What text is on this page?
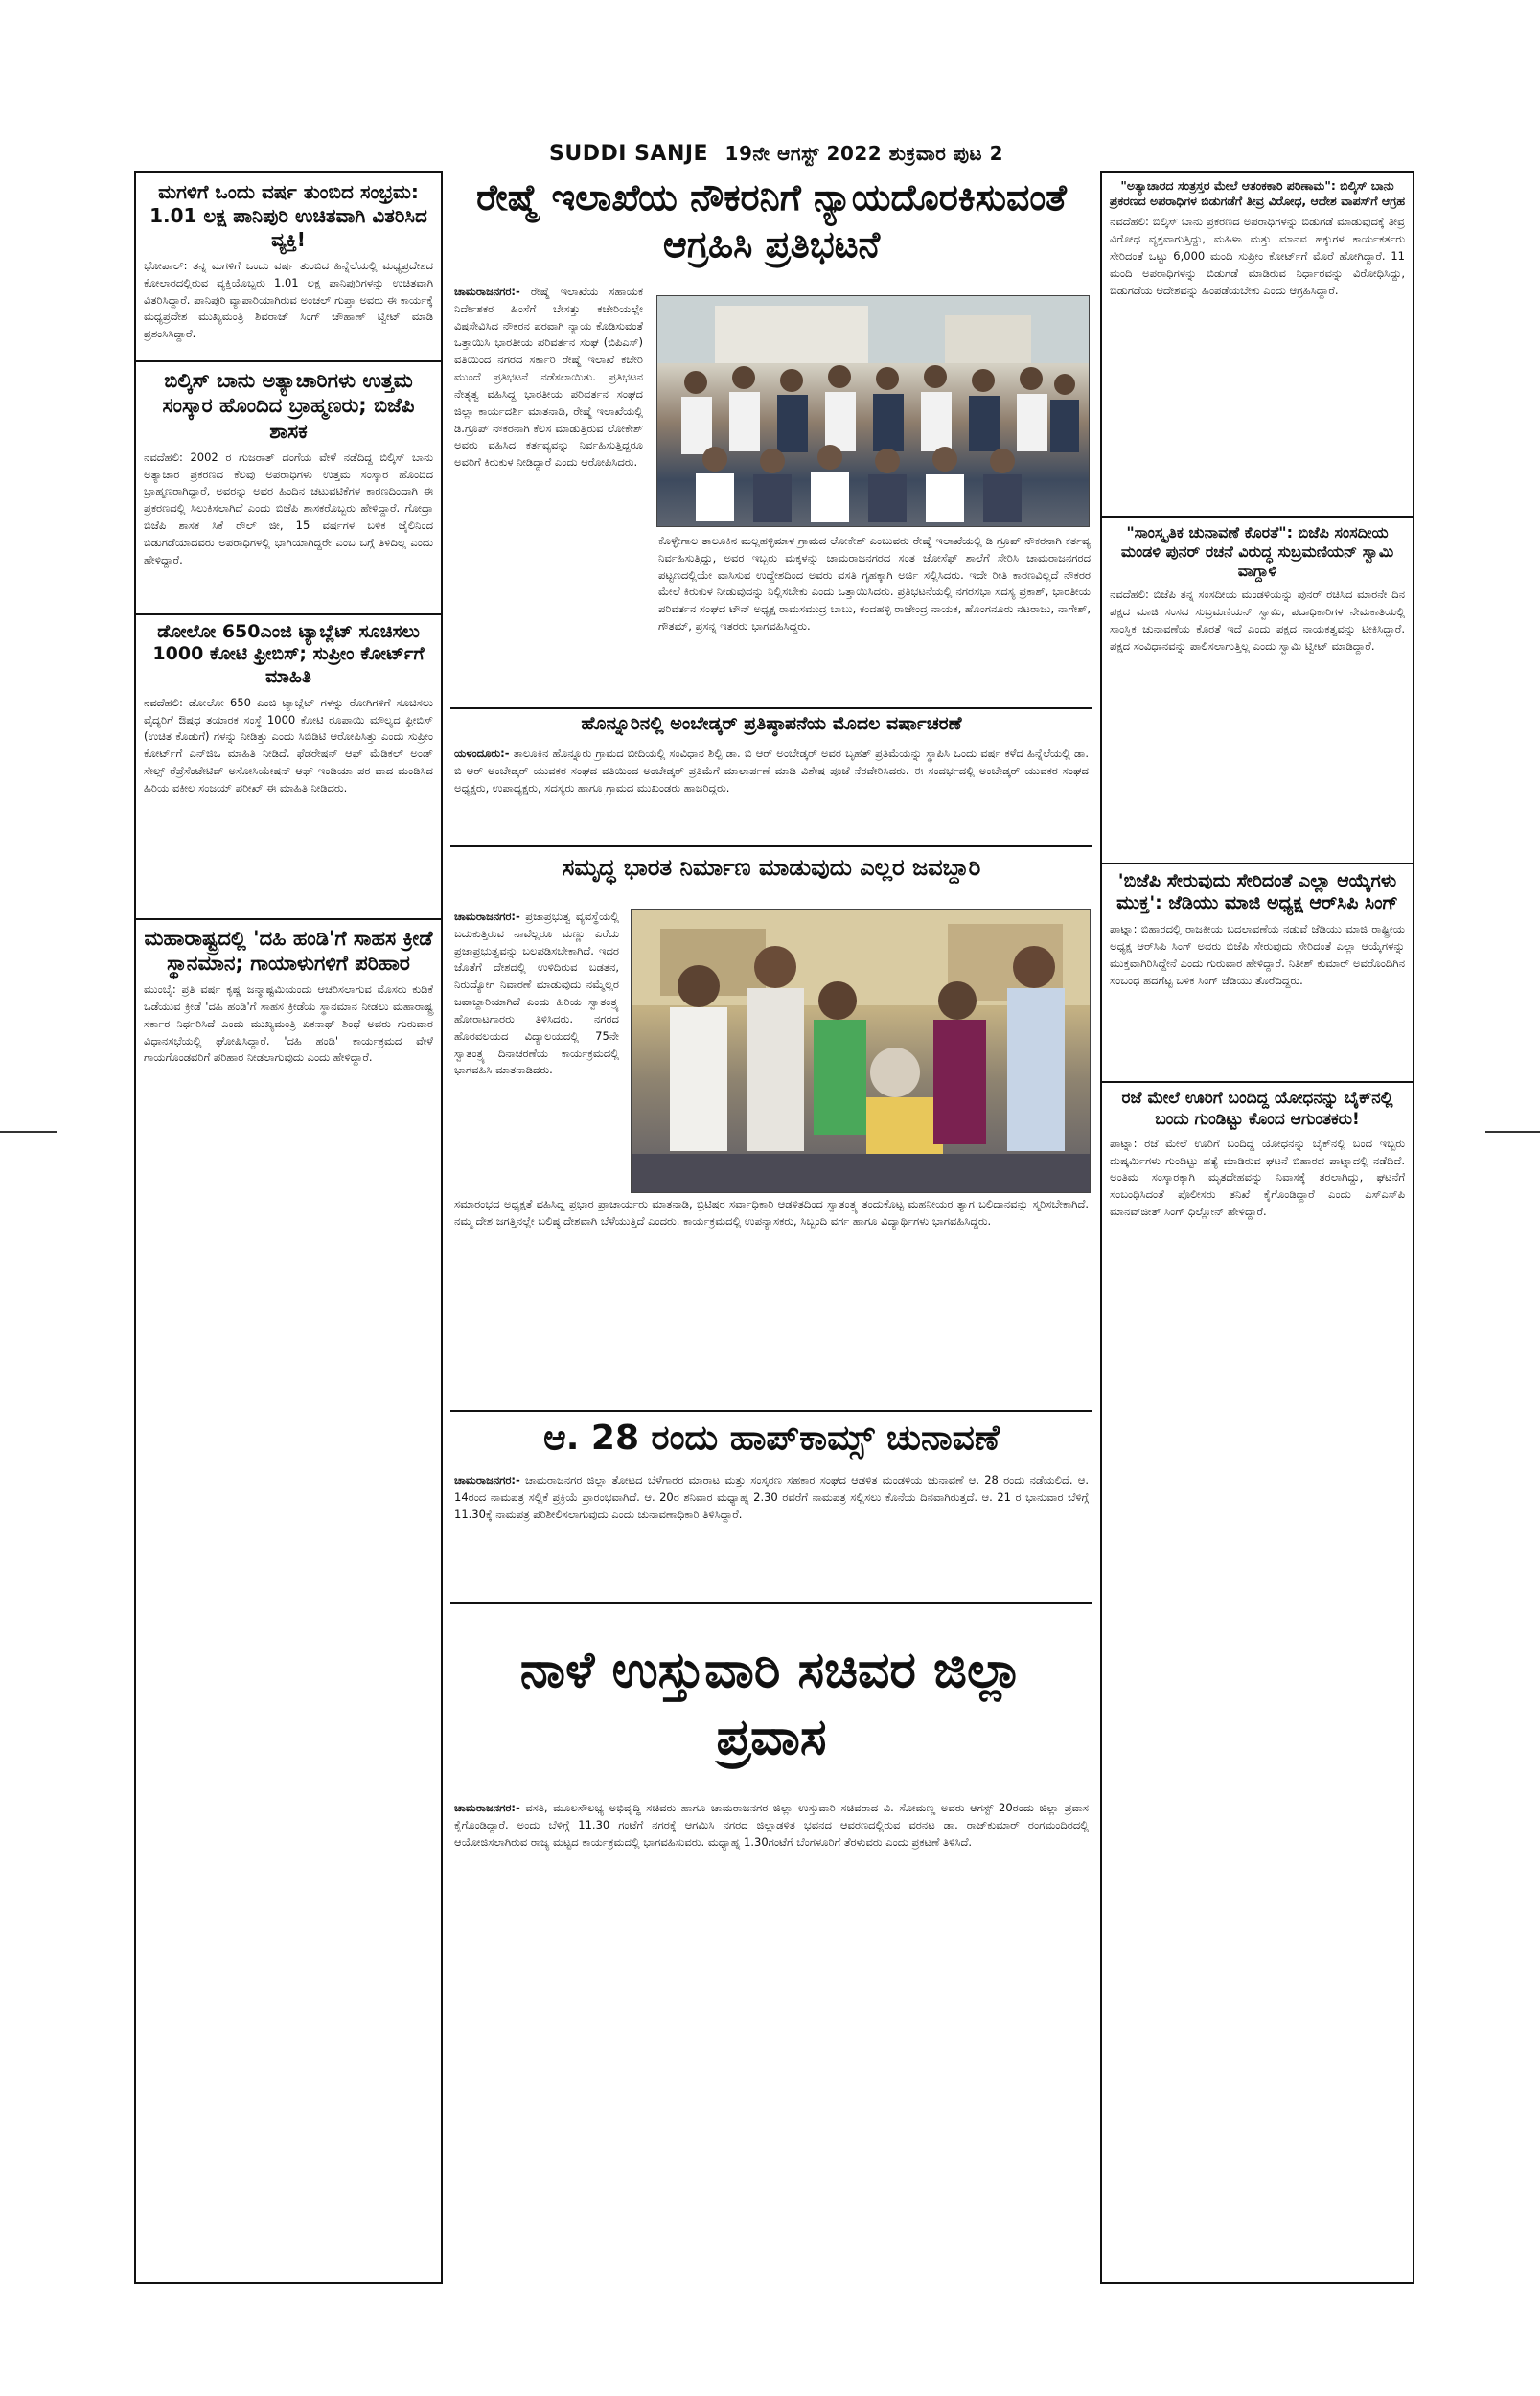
SUDDI SANJE 19ನೇ ಆಗಸ್ಟ್ 2022 ಶುಕ್ರವಾರ ಪುಟ 2
ಮಗಳಿಗೆ ಒಂದು ವರ್ಷ ತುಂಬಿದ ಸಂಭ್ರಮ: 1.01 ಲಕ್ಷ ಪಾನಿಪುರಿ ಉಚಿತವಾಗಿ ವಿತರಿಸಿದ ವ್ಯಕ್ತಿ!
ಭೋಪಾಲ್: ತನ್ನ ಮಗಳಿಗೆ ಒಂದು ವರ್ಷ ತುಂಬಿದ ಹಿನ್ನೆಲೆಯಲ್ಲಿ ಮಧ್ಯಪ್ರದೇಶದ ಕೋಲಾರದಲ್ಲಿರುವ ವ್ಯಕ್ತಿಯೊಬ್ಬರು 1.01 ಲಕ್ಷ ಪಾನಿಪುರಿಗಳನ್ನು ಉಚಿತವಾಗಿ ವಿತರಿಸಿದ್ದಾರೆ. ಪಾನಿಪುರಿ ವ್ಯಾಪಾರಿಯಾಗಿರುವ ಅಂಚಲ್ ಗುಪ್ತಾ ಅವರು ಈ ಕಾರ್ಯಕ್ಕೆ ಮಧ್ಯಪ್ರದೇಶ ಮುಖ್ಯಮಂತ್ರಿ ಶಿವರಾಜ್ ಸಿಂಗ್ ಚೌಹಾಣ್ ಟ್ವೀಟ್ ಮಾಡಿ ಪ್ರಶಂಸಿಸಿದ್ದಾರೆ.
ಬಿಲ್ಕಿಸ್ ಬಾನು ಅತ್ಯಾಚಾರಿಗಳು ಉತ್ತಮ ಸಂಸ್ಕಾರ ಹೊಂದಿದ ಬ್ರಾಹ್ಮಣರು; ಬಿಜೆಪಿ ಶಾಸಕ
ನವದೆಹಲಿ: 2002 ರ ಗುಜರಾತ್ ದಂಗೆಯ ವೇಳೆ ನಡೆದಿದ್ದ ಬಿಲ್ಕಿಸ್ ಬಾನು ಅತ್ಯಾಚಾರ ಪ್ರಕರಣದ ಕೆಲವು ಅಪರಾಧಿಗಳು ಉತ್ತಮ ಸಂಸ್ಕಾರ ಹೊಂದಿದ ಬ್ರಾಹ್ಮಣರಾಗಿದ್ದಾರೆ, ಅವರನ್ನು ಅವರ ಹಿಂದಿನ ಚಟುವಟಿಕೆಗಳ ಕಾರಣದಿಂದಾಗಿ ಈ ಪ್ರಕರಣದಲ್ಲಿ ಸಿಲುಕಿಸಲಾಗಿದೆ ಎಂದು ಬಿಜೆಪಿ ಶಾಸಕರೊಬ್ಬರು ಹೇಳಿದ್ದಾರೆ. ಗೋಧ್ರಾ ಬಿಜೆಪಿ ಶಾಸಕ ಸಿಕೆ ರೌಲ್ ಜೀ, 15 ವರ್ಷಗಳ ಬಳಿಕ ಜೈಲಿನಿಂದ ಬಿಡುಗಡೆಯಾದವರು ಅಪರಾಧಿಗಳಲ್ಲಿ ಭಾಗಿಯಾಗಿದ್ದರೇ ಎಂಬ ಬಗ್ಗೆ ತಿಳಿದಿಲ್ಲ ಎಂದು ಹೇಳಿದ್ದಾರೆ.
ಡೋಲೋ 650ಎಂಜಿ ಟ್ಯಾಬ್ಲೆಟ್ ಸೂಚಿಸಲು 1000 ಕೋಟಿ ಫ್ರೀಬಿಸ್; ಸುಪ್ರೀಂ ಕೋರ್ಟ್‌ಗೆ ಮಾಹಿತಿ
ನವದೆಹಲಿ: ಡೋಲೋ 650 ಎಂಜಿ ಟ್ಯಾಬ್ಲೆಟ್ ಗಳನ್ನು ರೋಗಿಗಳಿಗೆ ಸೂಚಿಸಲು ವೈದ್ಯರಿಗೆ ಔಷಧ ತಯಾರಕ ಸಂಸ್ಥೆ 1000 ಕೋಟಿ ರೂಪಾಯಿ ಮೌಲ್ಯದ ಫ್ರೀಬಿಸ್ (ಉಚಿತ ಕೊಡುಗೆ) ಗಳನ್ನು ನೀಡಿತ್ತು ಎಂದು ಸಿಬಿಡಿಟಿ ಆರೋಪಿಸಿತ್ತು ಎಂದು ಸುಪ್ರೀಂ ಕೋರ್ಟ್‌ಗೆ ಎನ್‌ಜಿಒ ಮಾಹಿತಿ ನೀಡಿದೆ. ಫೆಡರೇಷನ್ ಆಫ್ ಮೆಡಿಕಲ್ ಅಂಡ್ ಸೇಲ್ಸ್ ರೆಪ್ರೆಸೆಂಟೇಟಿವ್ ಅಸೋಸಿಯೇಷನ್ ಆಫ್ ಇಂಡಿಯಾ ಪರ ವಾದ ಮಂಡಿಸಿದ ಹಿರಿಯ ವಕೀಲ ಸಂಜಯ್ ಪರೀಖ್ ಈ ಮಾಹಿತಿ ನೀಡಿದರು.
ಮಹಾರಾಷ್ಟ್ರದಲ್ಲಿ 'ದಹಿ ಹಂಡಿ'ಗೆ ಸಾಹಸ ಕ್ರೀಡೆ ಸ್ಥಾನಮಾನ; ಗಾಯಾಳುಗಳಿಗೆ ಪರಿಹಾರ
ಮುಂಬೈ: ಪ್ರತಿ ವರ್ಷ ಕೃಷ್ಣ ಜನ್ಮಾಷ್ಟಮಿಯಂದು ಆಚರಿಸಲಾಗುವ ಮೊಸರು ಕುಡಿಕೆ ಒಡೆಯುವ ಕ್ರೀಡೆ 'ದಹಿ ಹಂಡಿ'ಗೆ ಸಾಹಸ ಕ್ರೀಡೆಯ ಸ್ಥಾನಮಾನ ನೀಡಲು ಮಹಾರಾಷ್ಟ್ರ ಸರ್ಕಾರ ನಿರ್ಧರಿಸಿದೆ ಎಂದು ಮುಖ್ಯಮಂತ್ರಿ ಏಕನಾಥ್ ಶಿಂಧೆ ಅವರು ಗುರುವಾರ ವಿಧಾನಸಭೆಯಲ್ಲಿ ಘೋಷಿಸಿದ್ದಾರೆ. 'ದಹಿ ಹಂಡಿ' ಕಾರ್ಯಕ್ರಮದ ವೇಳೆ ಗಾಯಗೊಂಡವರಿಗೆ ಪರಿಹಾರ ನೀಡಲಾಗುವುದು ಎಂದು ಹೇಳಿದ್ದಾರೆ.
ರೇಷ್ಮೆ ಇಲಾಖೆಯ ನೌಕರನಿಗೆ ನ್ಯಾಯದೊರಕಿಸುವಂತೆ ಆಗ್ರಹಿಸಿ ಪ್ರತಿಭಟನೆ
ಚಾಮರಾಜನಗರ:- ರೇಷ್ಮೆ ಇಲಾಖೆಯ ಸಹಾಯಕ ನಿರ್ದೇಶಕರ ಹಿಂಸೆಗೆ ಬೇಸತ್ತು ಕಚೇರಿಯಲ್ಲೇ ವಿಷಸೇವಿಸಿದ ನೌಕರನ ಪರವಾಗಿ ನ್ಯಾಯ ಕೊಡಿಸುವಂತೆ ಒತ್ತಾಯಿಸಿ ಭಾರತೀಯ ಪರಿವರ್ತನ ಸಂಘ (ಬಿಪಿಎಸ್) ವತಿಯಿಂದ ನಗರದ ಸರ್ಕಾರಿ ರೇಷ್ಮೆ ಇಲಾಖೆ ಕಚೇರಿ ಮುಂದೆ ಪ್ರತಿಭಟನೆ ನಡೆಸಲಾಯಿತು. ಪ್ರತಿಭಟನ ನೇತೃತ್ವ ವಹಿಸಿದ್ದ ಭಾರತೀಯ ಪರಿವರ್ತನ ಸಂಘದ ಜಿಲ್ಲಾ ಕಾರ್ಯದರ್ಶಿ ಮಾತನಾಡಿ, ರೇಷ್ಮೆ ಇಲಾಖೆಯಲ್ಲಿ ಡಿ.ಗ್ರೂಪ್ ನೌಕರನಾಗಿ ಕೆಲಸ ಮಾಡುತ್ತಿರುವ ಲೋಕೇಶ್ ಅವರು ವಹಿಸಿದ ಕರ್ತವ್ಯವನ್ನು ನಿರ್ವಹಿಸುತ್ತಿದ್ದರೂ ಅವರಿಗೆ ಕಿರುಕುಳ ನೀಡಿದ್ದಾರೆ ಎಂದು ಆರೋಪಿಸಿದರು.
ಕೊಳ್ಳೇಗಾಲ ತಾಲೂಕಿನ ಮಲ್ಲಹಳ್ಳಿಮಾಳ ಗ್ರಾಮದ ಲೋಕೇಶ್ ಎಂಬುವರು ರೇಷ್ಮೆ ಇಲಾಖೆಯಲ್ಲಿ ಡಿ ಗ್ರೂಪ್ ನೌಕರನಾಗಿ ಕರ್ತವ್ಯ ನಿರ್ವಹಿಸುತ್ತಿದ್ದು, ಅವರ ಇಬ್ಬರು ಮಕ್ಕಳನ್ನು ಚಾಮರಾಜನಗರದ ಸಂತ ಜೋಸೆಫ್ ಶಾಲೆಗೆ ಸೇರಿಸಿ ಚಾಮರಾಜನಗರದ ಪಟ್ಟಣದಲ್ಲಿಯೇ ವಾಸಿಸುವ ಉದ್ದೇಶದಿಂದ ಅವರು ವಸತಿ ಗೃಹಕ್ಕಾಗಿ ಅರ್ಜಿ ಸಲ್ಲಿಸಿದರು. ಇದೇ ರೀತಿ ಕಾರಣವಿಲ್ಲದೆ ನೌಕರರ ಮೇಲೆ ಕಿರುಕುಳ ನೀಡುವುದನ್ನು ನಿಲ್ಲಿಸಬೇಕು ಎಂದು ಒತ್ತಾಯಿಸಿದರು. ಪ್ರತಿಭಟನೆಯಲ್ಲಿ ನಗರಸಭಾ ಸದಸ್ಯ ಪ್ರಕಾಶ್, ಭಾರತೀಯ ಪರಿವರ್ತನ ಸಂಘದ ಟೌನ್ ಅಧ್ಯಕ್ಷ ರಾಮಸಮುದ್ರ ಬಾಬು, ಕಂದಹಳ್ಳಿ ರಾಜೇಂದ್ರ ನಾಯಕ, ಹೊಂಗನೂರು ನಟರಾಜು, ನಾಗೇಶ್, ಗೌತಮ್, ಪ್ರಸನ್ನ ಇತರರು ಭಾಗವಹಿಸಿದ್ದರು.
ಹೊನ್ನೂರಿನಲ್ಲಿ ಅಂಬೇಡ್ಕರ್ ಪ್ರತಿಷ್ಠಾಪನೆಯ ಮೊದಲ ವರ್ಷಾಚರಣೆ
ಯಳಂದೂರು:- ತಾಲೂಕಿನ ಹೊನ್ನೂರು ಗ್ರಾಮದ ಬೀದಿಯಲ್ಲಿ ಸಂವಿಧಾನ ಶಿಲ್ಪಿ ಡಾ. ಬಿ ಆರ್ ಅಂಬೇಡ್ಕರ್ ಅವರ ಬೃಹತ್ ಪ್ರತಿಮೆಯನ್ನು ಸ್ಥಾಪಿಸಿ ಒಂದು ವರ್ಷ ಕಳೆದ ಹಿನ್ನೆಲೆಯಲ್ಲಿ ಡಾ. ಬಿ ಆರ್ ಅಂಬೇಡ್ಕರ್ ಯುವಕರ ಸಂಘದ ವತಿಯಿಂದ ಅಂಬೇಡ್ಕರ್ ಪ್ರತಿಮೆಗೆ ಮಾಲಾರ್ಪಣೆ ಮಾಡಿ ವಿಶೇಷ ಪೂಜೆ ನೆರವೇರಿಸಿದರು. ಈ ಸಂದರ್ಭದಲ್ಲಿ ಅಂಬೇಡ್ಕರ್ ಯುವಕರ ಸಂಘದ ಅಧ್ಯಕ್ಷರು, ಉಪಾಧ್ಯಕ್ಷರು, ಸದಸ್ಯರು ಹಾಗೂ ಗ್ರಾಮದ ಮುಖಂಡರು ಹಾಜರಿದ್ದರು.
ಸಮೃದ್ಧ ಭಾರತ ನಿರ್ಮಾಣ ಮಾಡುವುದು ಎಲ್ಲರ ಜವಬ್ದಾರಿ
ಚಾಮರಾಜನಗರ:- ಪ್ರಜಾಪ್ರಭುತ್ವ ವ್ಯವಸ್ಥೆಯಲ್ಲಿ ಬದುಕುತ್ತಿರುವ ನಾವೆಲ್ಲರೂ ಮಣ್ಣು ಎರೆದು ಪ್ರಜಾಪ್ರಭುತ್ವವನ್ನು ಬಲಪಡಿಸಬೇಕಾಗಿದೆ. ಇದರ ಜೊತೆಗೆ ದೇಶದಲ್ಲಿ ಉಳಿದಿರುವ ಬಡತನ, ನಿರುದ್ಯೋಗ ನಿವಾರಣೆ ಮಾಡುವುದು ನಮ್ಮೆಲ್ಲರ ಜವಾಬ್ದಾರಿಯಾಗಿದೆ ಎಂದು ಹಿರಿಯ ಸ್ವಾತಂತ್ರ್ಯ ಹೋರಾಟಗಾರರು ತಿಳಿಸಿದರು. ನಗರದ ಹೊರವಲಯದ ವಿದ್ಯಾಲಯದಲ್ಲಿ 75ನೇ ಸ್ವಾತಂತ್ರ್ಯ ದಿನಾಚರಣೆಯ ಕಾರ್ಯಕ್ರಮದಲ್ಲಿ ಭಾಗವಹಿಸಿ ಮಾತನಾಡಿದರು.
ಸಮಾರಂಭದ ಅಧ್ಯಕ್ಷತೆ ವಹಿಸಿದ್ದ ಪ್ರಭಾರ ಪ್ರಾಚಾರ್ಯರು ಮಾತನಾಡಿ, ಬ್ರಿಟಿಷರ ಸರ್ವಾಧಿಕಾರಿ ಆಡಳಿತದಿಂದ ಸ್ವಾತಂತ್ರ್ಯ ತಂದುಕೊಟ್ಟ ಮಹನೀಯರ ತ್ಯಾಗ ಬಲಿದಾನವನ್ನು ಸ್ಮರಿಸಬೇಕಾಗಿದೆ. ನಮ್ಮ ದೇಶ ಜಗತ್ತಿನಲ್ಲೇ ಬಲಿಷ್ಠ ದೇಶವಾಗಿ ಬೆಳೆಯುತ್ತಿದೆ ಎಂದರು. ಕಾರ್ಯಕ್ರಮದಲ್ಲಿ ಉಪನ್ಯಾಸಕರು, ಸಿಬ್ಬಂದಿ ವರ್ಗ ಹಾಗೂ ವಿದ್ಯಾರ್ಥಿಗಳು ಭಾಗವಹಿಸಿದ್ದರು.
ಆ. 28 ರಂದು ಹಾಪ್‌ಕಾಮ್ಸ್ ಚುನಾವಣೆ
ಚಾಮರಾಜನಗರ:- ಚಾಮರಾಜನಗರ ಜಿಲ್ಲಾ ತೋಟದ ಬೆಳೆಗಾರರ ಮಾರಾಟ ಮತ್ತು ಸಂಸ್ಕರಣ ಸಹಕಾರ ಸಂಘದ ಆಡಳಿತ ಮಂಡಳಿಯ ಚುನಾವಣೆ ಆ. 28 ರಂದು ನಡೆಯಲಿದೆ. ಆ. 14ರಂದ ನಾಮಪತ್ರ ಸಲ್ಲಿಕೆ ಪ್ರಕ್ರಿಯೆ ಪ್ರಾರಂಭವಾಗಿದೆ. ಆ. 20ರ ಶನಿವಾರ ಮಧ್ಯಾಹ್ನ 2.30 ರವರೆಗೆ ನಾಮಪತ್ರ ಸಲ್ಲಿಸಲು ಕೊನೆಯ ದಿನವಾಗಿರುತ್ತದೆ. ಆ. 21 ರ ಭಾನುವಾರ ಬೆಳಿಗ್ಗೆ 11.30ಕ್ಕೆ ನಾಮಪತ್ರ ಪರಿಶೀಲಿಸಲಾಗುವುದು ಎಂದು ಚುನಾವಣಾಧಿಕಾರಿ ತಿಳಿಸಿದ್ದಾರೆ.
ನಾಳೆ ಉಸ್ತುವಾರಿ ಸಚಿವರ ಜಿಲ್ಲಾ ಪ್ರವಾಸ
ಚಾಮರಾಜನಗರ:- ವಸತಿ, ಮೂಲಸೌಲಭ್ಯ ಅಭಿವೃದ್ಧಿ ಸಚಿವರು ಹಾಗೂ ಚಾಮರಾಜನಗರ ಜಿಲ್ಲಾ ಉಸ್ತುವಾರಿ ಸಚಿವರಾದ ವಿ. ಸೋಮಣ್ಣ ಅವರು ಆಗಸ್ಟ್ 20ರಂದು ಜಿಲ್ಲಾ ಪ್ರವಾಸ ಕೈಗೊಂಡಿದ್ದಾರೆ. ಅಂದು ಬೆಳಿಗ್ಗೆ 11.30 ಗಂಟೆಗೆ ನಗರಕ್ಕೆ ಆಗಮಿಸಿ ನಗರದ ಜಿಲ್ಲಾಡಳಿತ ಭವನದ ಆವರಣದಲ್ಲಿರುವ ವರನಟ ಡಾ. ರಾಜ್‌ಕುಮಾರ್ ರಂಗಮಂದಿರದಲ್ಲಿ ಆಯೋಜಿಸಲಾಗಿರುವ ರಾಜ್ಯ ಮಟ್ಟದ ಕಾರ್ಯಕ್ರಮದಲ್ಲಿ ಭಾಗವಹಿಸುವರು. ಮಧ್ಯಾಹ್ನ 1.30ಗಂಟೆಗೆ ಬೆಂಗಳೂರಿಗೆ ತೆರಳುವರು ಎಂದು ಪ್ರಕಟಣೆ ತಿಳಿಸಿದೆ.
"ಅತ್ಯಾಚಾರದ ಸಂತ್ರಸ್ತರ ಮೇಲೆ ಆತಂಕಕಾರಿ ಪರಿಣಾಮ": ಬಿಲ್ಕಿಸ್ ಬಾನು ಪ್ರಕರಣದ ಅಪರಾಧಿಗಳ ಬಿಡುಗಡೆಗೆ ತೀವ್ರ ವಿರೋಧ, ಆದೇಶ ವಾಪಸ್‌ಗೆ ಆಗ್ರಹ
ನವದೆಹಲಿ: ಬಿಲ್ಕಿಸ್ ಬಾನು ಪ್ರಕರಣದ ಅಪರಾಧಿಗಳನ್ನು ಬಿಡುಗಡೆ ಮಾಡುವುದಕ್ಕೆ ತೀವ್ರ ವಿರೋಧ ವ್ಯಕ್ತವಾಗುತ್ತಿದ್ದು, ಮಹಿಳಾ ಮತ್ತು ಮಾನವ ಹಕ್ಕುಗಳ ಕಾರ್ಯಕರ್ತರು ಸೇರಿದಂತೆ ಒಟ್ಟು 6,000 ಮಂದಿ ಸುಪ್ರೀಂ ಕೋರ್ಟ್‌ಗೆ ಮೊರೆ ಹೋಗಿದ್ದಾರೆ. 11 ಮಂದಿ ಅಪರಾಧಿಗಳನ್ನು ಬಿಡುಗಡೆ ಮಾಡಿರುವ ನಿರ್ಧಾರವನ್ನು ವಿರೋಧಿಸಿದ್ದು, ಬಿಡುಗಡೆಯ ಆದೇಶವನ್ನು ಹಿಂಪಡೆಯಬೇಕು ಎಂದು ಆಗ್ರಹಿಸಿದ್ದಾರೆ.
"ಸಾಂಸ್ಕೃತಿಕ ಚುನಾವಣೆ ಕೊರತೆ": ಬಿಜೆಪಿ ಸಂಸದೀಯ ಮಂಡಳಿ ಪುನರ್ ರಚನೆ ವಿರುದ್ಧ ಸುಬ್ರಮಣಿಯನ್ ಸ್ವಾಮಿ ವಾಗ್ದಾಳಿ
ನವದೆಹಲಿ: ಬಿಜೆಪಿ ತನ್ನ ಸಂಸದೀಯ ಮಂಡಳಿಯನ್ನು ಪುನರ್ ರಚಿಸಿದ ಮಾರನೇ ದಿನ ಪಕ್ಷದ ಮಾಜಿ ಸಂಸದ ಸುಬ್ರಮಣಿಯನ್ ಸ್ವಾಮಿ, ಪದಾಧಿಕಾರಿಗಳ ನೇಮಕಾತಿಯಲ್ಲಿ ಸಾಂಸ್ಥಿಕ ಚುನಾವಣೆಯ ಕೊರತೆ ಇದೆ ಎಂದು ಪಕ್ಷದ ನಾಯಕತ್ವವನ್ನು ಟೀಕಿಸಿದ್ದಾರೆ. ಪಕ್ಷದ ಸಂವಿಧಾನವನ್ನು ಪಾಲಿಸಲಾಗುತ್ತಿಲ್ಲ ಎಂದು ಸ್ವಾಮಿ ಟ್ವೀಟ್ ಮಾಡಿದ್ದಾರೆ.
'ಬಿಜೆಪಿ ಸೇರುವುದು ಸೇರಿದಂತೆ ಎಲ್ಲಾ ಆಯ್ಕೆಗಳು ಮುಕ್ತ': ಜೆಡಿಯು ಮಾಜಿ ಅಧ್ಯಕ್ಷ ಆರ್‌ಸಿಪಿ ಸಿಂಗ್
ಪಾಟ್ನಾ: ಬಿಹಾರದಲ್ಲಿ ರಾಜಕೀಯ ಬದಲಾವಣೆಯ ನಡುವೆ ಜೆಡಿಯು ಮಾಜಿ ರಾಷ್ಟ್ರೀಯ ಅಧ್ಯಕ್ಷ ಆರ್‌ಸಿಪಿ ಸಿಂಗ್ ಅವರು ಬಿಜೆಪಿ ಸೇರುವುದು ಸೇರಿದಂತೆ ಎಲ್ಲಾ ಆಯ್ಕೆಗಳನ್ನು ಮುಕ್ತವಾಗಿರಿಸಿದ್ದೇನೆ ಎಂದು ಗುರುವಾರ ಹೇಳಿದ್ದಾರೆ. ನಿತೀಶ್ ಕುಮಾರ್ ಅವರೊಂದಿಗಿನ ಸಂಬಂಧ ಹದಗೆಟ್ಟ ಬಳಿಕ ಸಿಂಗ್ ಜೆಡಿಯು ತೊರೆದಿದ್ದರು.
ರಜೆ ಮೇಲೆ ಊರಿಗೆ ಬಂದಿದ್ದ ಯೋಧನನ್ನು ಬೈಕ್‌ನಲ್ಲಿ ಬಂದು ಗುಂಡಿಟ್ಟು ಕೊಂದ ಆಗುಂತಕರು!
ಪಾಟ್ನಾ: ರಜೆ ಮೇಲೆ ಊರಿಗೆ ಬಂದಿದ್ದ ಯೋಧನನ್ನು ಬೈಕ್‌ನಲ್ಲಿ ಬಂದ ಇಬ್ಬರು ದುಷ್ಕರ್ಮಿಗಳು ಗುಂಡಿಟ್ಟು ಹತ್ಯೆ ಮಾಡಿರುವ ಘಟನೆ ಬಿಹಾರದ ಪಾಟ್ನಾದಲ್ಲಿ ನಡೆದಿದೆ. ಅಂತಿಮ ಸಂಸ್ಕಾರಕ್ಕಾಗಿ ಮೃತದೇಹವನ್ನು ನಿವಾಸಕ್ಕೆ ತರಲಾಗಿದ್ದು, ಘಟನೆಗೆ ಸಂಬಂಧಿಸಿದಂತೆ ಪೊಲೀಸರು ತನಿಖೆ ಕೈಗೊಂಡಿದ್ದಾರೆ ಎಂದು ಎಸ್‌ಎಸ್‌ಪಿ ಮಾನವ್‌ಜೀತ್ ಸಿಂಗ್ ಧಿಲ್ಲೋನ್ ಹೇಳಿದ್ದಾರೆ.
